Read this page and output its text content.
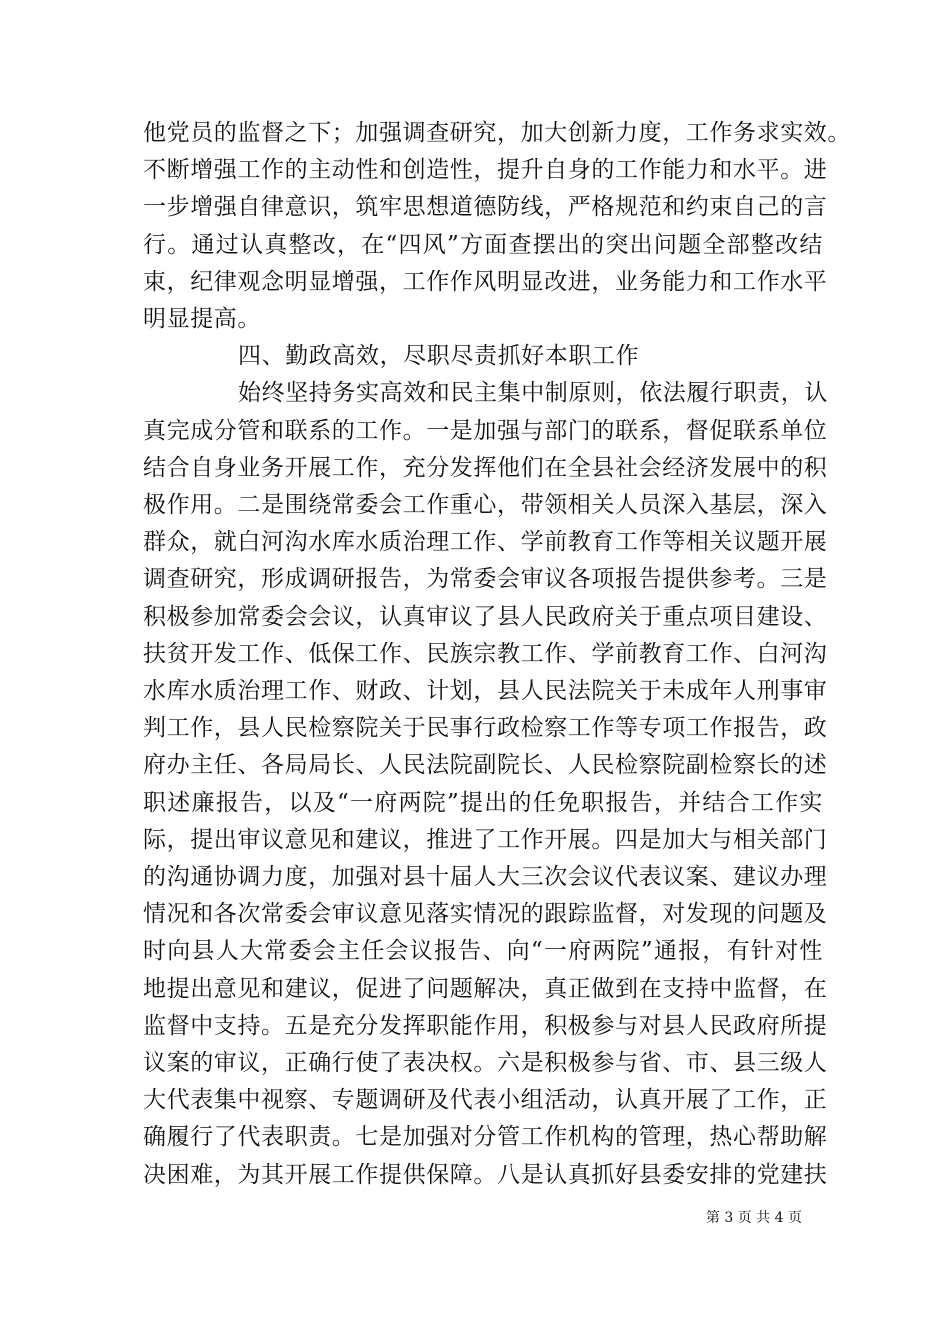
他党员的监督之下；加强调查研究，加大创新力度，工作务求实效。
不断增强工作的主动性和创造性，提升自身的工作能力和水平。进
一步增强自律意识，筑牢思想道德防线，严格规范和约束自己的言
行。通过认真整改，在“四风”方面查摆出的突出问题全部整改结
束，纪律观念明显增强，工作作风明显改进，业务能力和工作水平
明显提高。
四、勤政高效，尽职尽责抓好本职工作
始终坚持务实高效和民主集中制原则，依法履行职责，认
真完成分管和联系的工作。一是加强与部门的联系，督促联系单位
结合自身业务开展工作，充分发挥他们在全县社会经济发展中的积
极作用。二是围绕常委会工作重心，带领相关人员深入基层，深入
群众，就白河沟水库水质治理工作、学前教育工作等相关议题开展
调查研究，形成调研报告，为常委会审议各项报告提供参考。三是
积极参加常委会会议，认真审议了县人民政府关于重点项目建设、
扶贫开发工作、低保工作、民族宗教工作、学前教育工作、白河沟
水库水质治理工作、财政、计划，县人民法院关于未成年人刑事审
判工作，县人民检察院关于民事行政检察工作等专项工作报告，政
府办主任、各局局长、人民法院副院长、人民检察院副检察长的述
职述廉报告，以及“一府两院”提出的任免职报告，并结合工作实
际，提出审议意见和建议，推进了工作开展。四是加大与相关部门
的沟通协调力度，加强对县十届人大三次会议代表议案、建议办理
情况和各次常委会审议意见落实情况的跟踪监督，对发现的问题及
时向县人大常委会主任会议报告、向“一府两院”通报，有针对性
地提出意见和建议，促进了问题解决，真正做到在支持中监督，在
监督中支持。五是充分发挥职能作用，积极参与对县人民政府所提
议案的审议，正确行使了表决权。六是积极参与省、市、县三级人
大代表集中视察、专题调研及代表小组活动，认真开展了工作，正
确履行了代表职责。七是加强对分管工作机构的管理，热心帮助解
决困难，为其开展工作提供保障。八是认真抓好县委安排的党建扶
第 3 页 共 4 页
